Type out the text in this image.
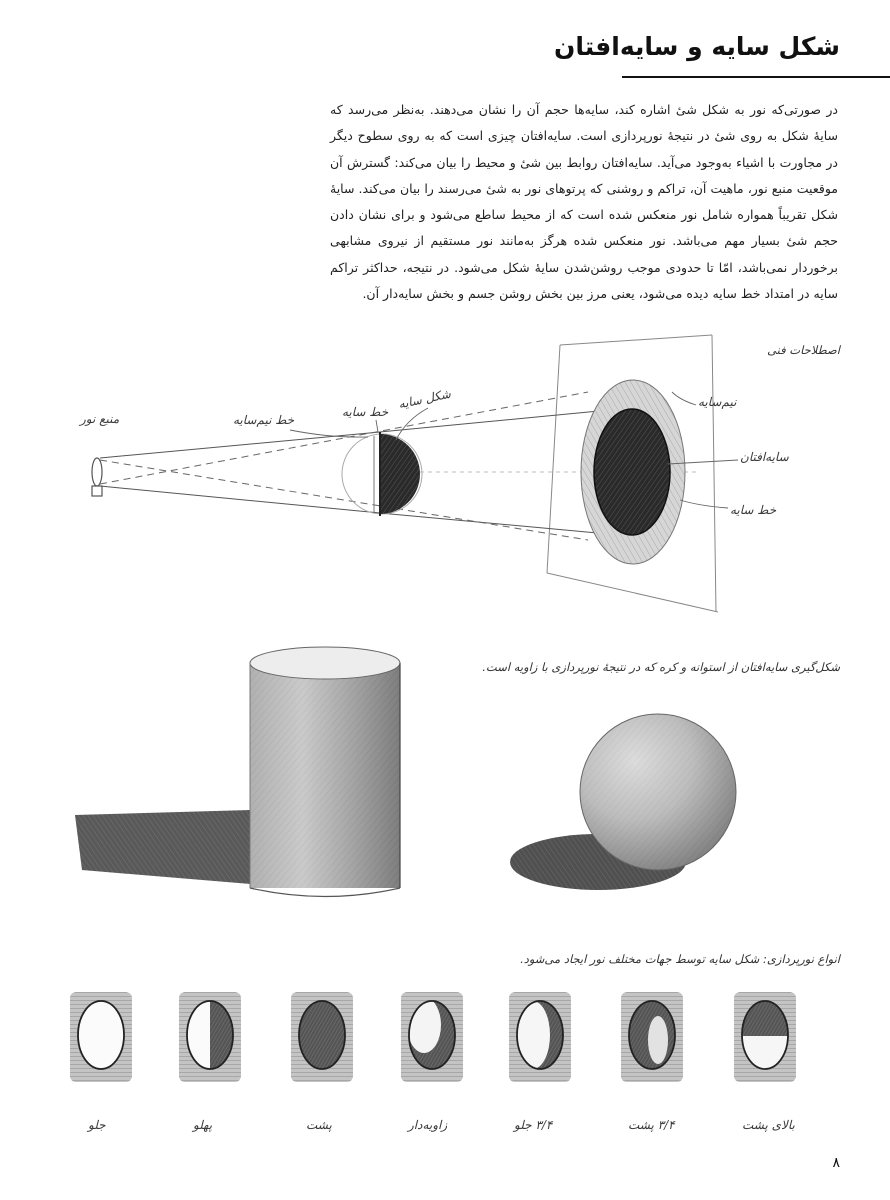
شکل سایه و سایه‌افتان

در صورتی‌که نور به شکل شیٔ اشاره کند، سایه‌ها حجم آن را نشان می‌دهند. به‌نظر می‌رسد که سایهٔ شکل به روی شیٔ در نتیجهٔ نورپردازی است. سایه‌افتان چیزی است که به روی سطوح دیگر در مجاورت با اشیاء به‌وجود می‌آید. سایه‌افتان روابط بین شیٔ و محیط را بیان می‌کند: گسترش آن موقعیت منبع نور، ماهیت آن، تراکم و روشنی که پرتوهای نور به شیٔ می‌رسند را بیان می‌کند. سایهٔ شکل تقریباً همواره شامل نور منعکس شده است که از محیط ساطع می‌شود و برای نشان دادن حجم شیٔ بسیار مهم می‌باشد. نور منعکس شده هرگز به‌مانند نور مستقیم از نیروی مشابهی برخوردار نمی‌باشد، امّا تا حدودی موجب روشن‌شدن سایهٔ شکل می‌شود. در نتیجه، حداکثر تراکم سایه در امتداد خط سایه دیده می‌شود، یعنی مرز بین بخش روشن جسم و بخش سایه‌دار آن.

اصطلاحات فنی
منبع نور	خط نیم‌سایه
خط سایه
شکل سایه	نیم‌سایه
سایه‌افتان
خط سایه
شکل‌گیری سایه‌افتان از استوانه و کره که در نتیجهٔ نورپردازی با زاویه است.
انواع نورپردازی: شکل سایه توسط جهات مختلف نور ایجاد می‌شود.
جلو	پهلو	پشت	زاویه‌دار	۳/۴ جلو	۳/۴ پشت	بالای پشت
۸
